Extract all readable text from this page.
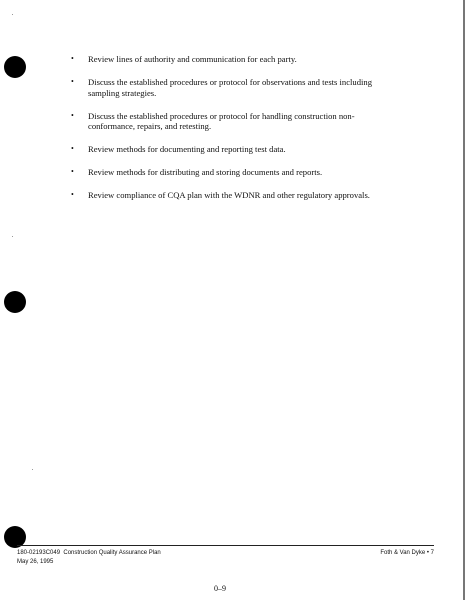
• Review lines of authority and communication for each party.
• Discuss the established procedures or protocol for observations and tests including sampling strategies.
• Discuss the established procedures or protocol for handling construction non-conformance, repairs, and retesting.
• Review methods for documenting and reporting test data.
• Review methods for distributing and storing documents and reports.
• Review compliance of CQA plan with the WDNR and other regulatory approvals.
180-02193C049  Construction Quality Assurance Plan
May 26, 1995
Foth & Van Dyke • 7
0–9
